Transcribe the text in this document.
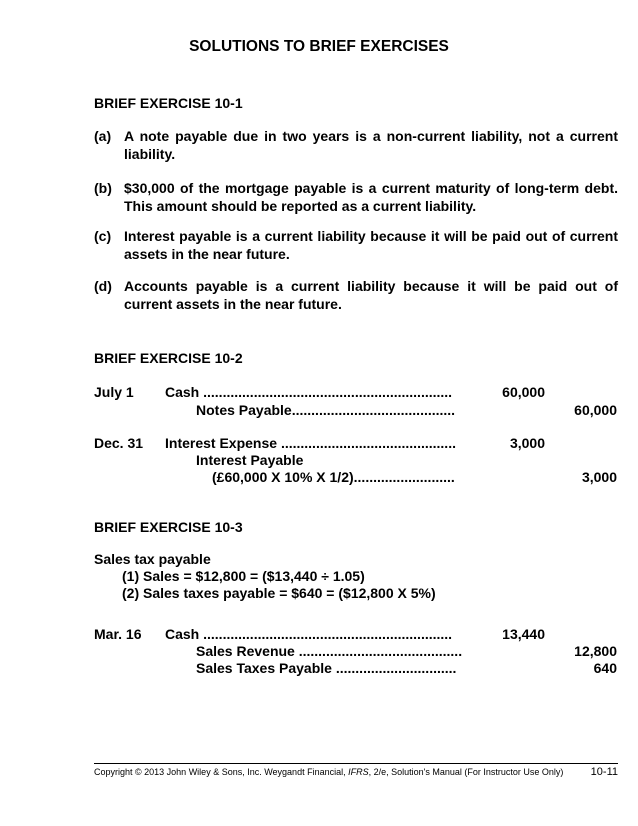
SOLUTIONS TO BRIEF EXERCISES
BRIEF EXERCISE 10-1
(a) A note payable due in two years is a non-current liability, not a current liability.
(b) $30,000 of the mortgage payable is a current maturity of long-term debt. This amount should be reported as a current liability.
(c) Interest payable is a current liability because it will be paid out of current assets in the near future.
(d) Accounts payable is a current liability because it will be paid out of current assets in the near future.
BRIEF EXERCISE 10-2
July 1 Cash ................................................................	60,000
Notes Payable..........................................	60,000
Dec. 31 Interest Expense .............................................	3,000
Interest Payable
(£60,000 X 10% X 1/2)..........................	3,000
BRIEF EXERCISE 10-3
Sales tax payable
(1) Sales = $12,800 = ($13,440 ÷ 1.05)
(2) Sales taxes payable = $640 = ($12,800 X 5%)
Mar. 16 Cash ................................................................	13,440
Sales Revenue ..........................................	12,800
Sales Taxes Payable ...............................	640
Copyright © 2013 John Wiley & Sons, Inc. Weygandt Financial, IFRS, 2/e, Solution's Manual (For Instructor Use Only)	10-11
